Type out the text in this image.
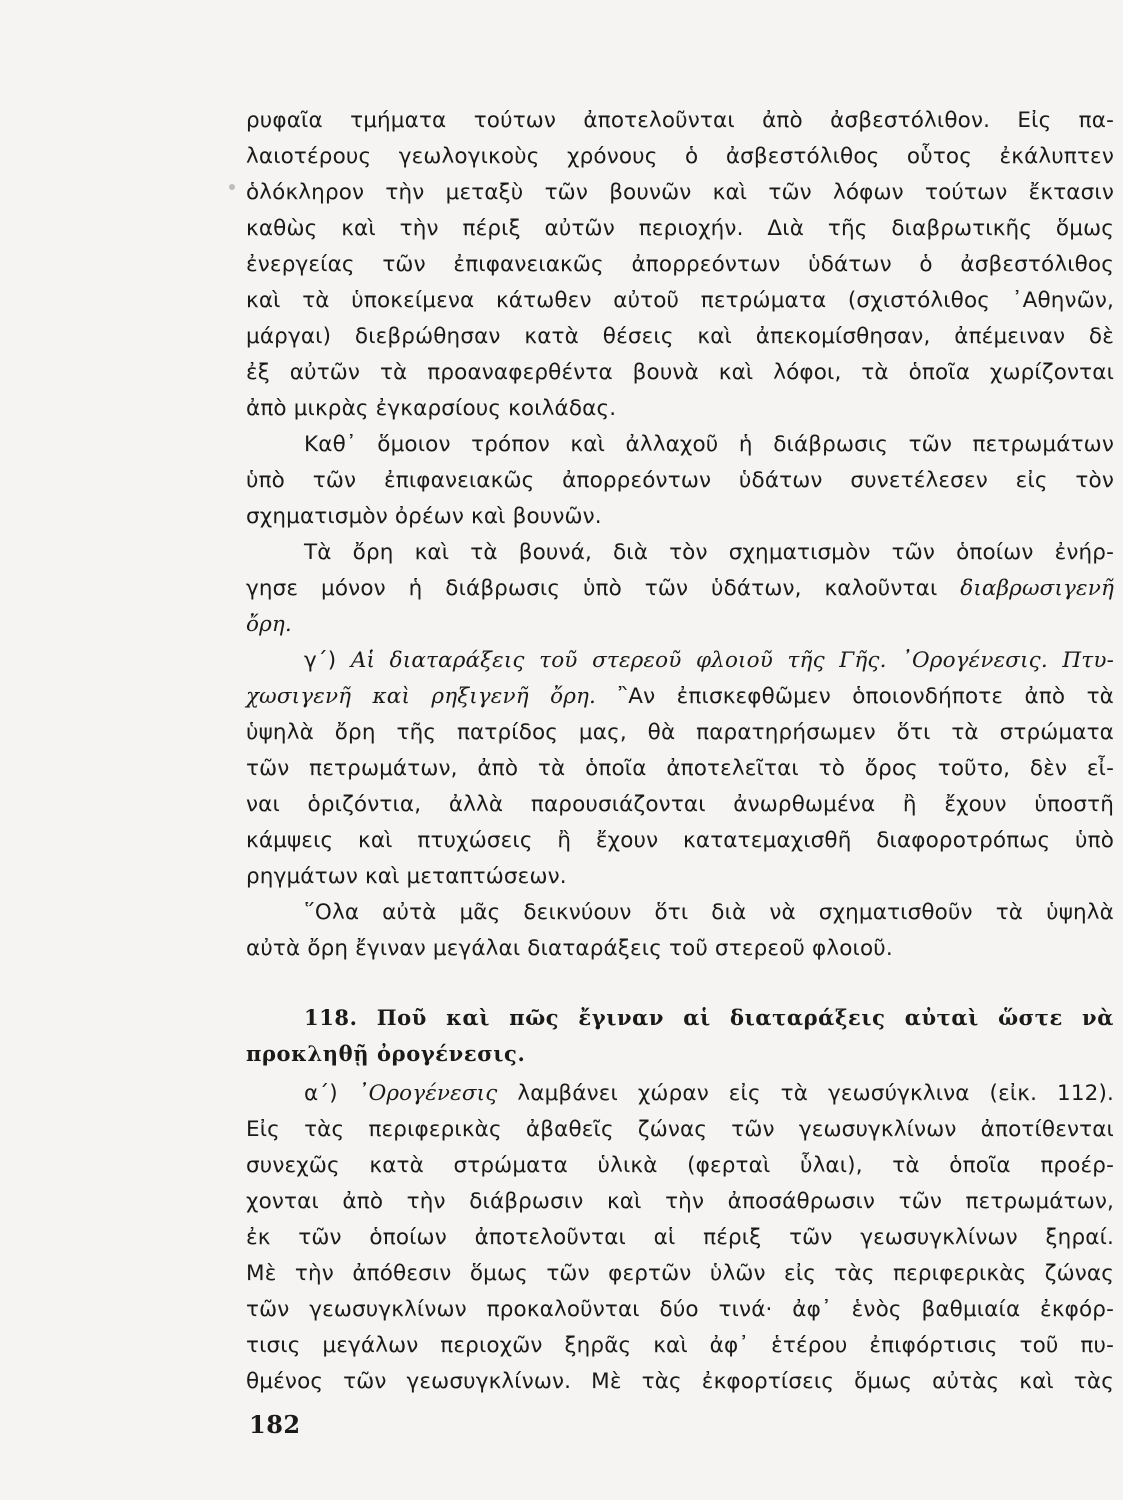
ρυφαῖα τμήματα τούτων ἀποτελοῦνται ἀπὸ ἀσβεστόλιθον. Εἰς πα-
λαιοτέρους γεωλογικοὺς χρόνους ὁ ἀσβεστόλιθος οὗτος ἐκάλυπτεν
ὁλόκληρον τὴν μεταξὺ τῶν βουνῶν καὶ τῶν λόφων τούτων ἔκτασιν
καθὼς καὶ τὴν πέριξ αὐτῶν περιοχήν. Διὰ τῆς διαβρωτικῆς ὅμως
ἐνεργείας τῶν ἐπιφανειακῶς ἀπορρεόντων ὑδάτων ὁ ἀσβεστόλιθος
καὶ τὰ ὑποκείμενα κάτωθεν αὐτοῦ πετρώματα (σχιστόλιθος ᾿Αθηνῶν,
μάργαι) διεβρώθησαν κατὰ θέσεις καὶ ἀπεκομίσθησαν, ἀπέμειναν δὲ
ἐξ αὐτῶν τὰ προαναφερθέντα βουνὰ καὶ λόφοι, τὰ ὁποῖα χωρίζονται
ἀπὸ μικρὰς ἐγκαρσίους κοιλάδας.
Καθ᾿ ὅμοιον τρόπον καὶ ἀλλαχοῦ ἡ διάβρωσις τῶν πετρωμάτων
ὑπὸ τῶν ἐπιφανειακῶς ἀπορρεόντων ὑδάτων συνετέλεσεν εἰς τὸν
σχηματισμὸν ὀρέων καὶ βουνῶν.
Τὰ ὄρη καὶ τὰ βουνά, διὰ τὸν σχηματισμὸν τῶν ὁποίων ἐνήρ-
γησε μόνον ἡ διάβρωσις ὑπὸ τῶν ὑδάτων, καλοῦνται διαβρωσιγενῆ
ὄρη.
γ΄) Αἱ διαταράξεις τοῦ στερεοῦ φλοιοῦ τῆς Γῆς. ᾿Ορογένεσις. Πτυ-
χωσιγενῆ καὶ ρηξιγενῆ ὄρη. ῍Αν ἐπισκεφθῶμεν ὁποιονδήποτε ἀπὸ τὰ
ὑψηλὰ ὄρη τῆς πατρίδος μας, θὰ παρατηρήσωμεν ὅτι τὰ στρώματα
τῶν πετρωμάτων, ἀπὸ τὰ ὁποῖα ἀποτελεῖται τὸ ὄρος τοῦτο, δὲν εἶ-
ναι ὁριζόντια, ἀλλὰ παρουσιάζονται ἀνωρθωμένα ἢ ἔχουν ὑποστῆ
κάμψεις καὶ πτυχώσεις ἢ ἔχουν κατατεμαχισθῆ διαφοροτρόπως ὑπὸ
ρηγμάτων καὶ μεταπτώσεων.
῞Ολα αὐτὰ μᾶς δεικνύουν ὅτι διὰ νὰ σχηματισθοῦν τὰ ὑψηλὰ
αὐτὰ ὄρη ἔγιναν μεγάλαι διαταράξεις τοῦ στερεοῦ φλοιοῦ.
118. Ποῦ καὶ πῶς ἔγιναν αἱ διαταράξεις αὐταὶ ὥστε νὰ
προκληθῇ ὀρογένεσις.
α΄) ᾿Ορογένεσις λαμβάνει χώραν εἰς τὰ γεωσύγκλινα (εἰκ. 112).
Εἰς τὰς περιφερικὰς ἀβαθεῖς ζώνας τῶν γεωσυγκλίνων ἀποτίθενται
συνεχῶς κατὰ στρώματα ὑλικὰ (φερταὶ ὗλαι), τὰ ὁποῖα προέρ-
χονται ἀπὸ τὴν διάβρωσιν καὶ τὴν ἀποσάθρωσιν τῶν πετρωμάτων,
ἐκ τῶν ὁποίων ἀποτελοῦνται αἱ πέριξ τῶν γεωσυγκλίνων ξηραί.
Μὲ τὴν ἀπόθεσιν ὅμως τῶν φερτῶν ὑλῶν εἰς τὰς περιφερικὰς ζώνας
τῶν γεωσυγκλίνων προκαλοῦνται δύο τινά· ἀφ᾿ ἑνὸς βαθμιαία ἐκφόρ-
τισις μεγάλων περιοχῶν ξηρᾶς καὶ ἀφ᾿ ἑτέρου ἐπιφόρτισις τοῦ πυ-
θμένος τῶν γεωσυγκλίνων. Μὲ τὰς ἐκφορτίσεις ὅμως αὐτὰς καὶ τὰς
182
